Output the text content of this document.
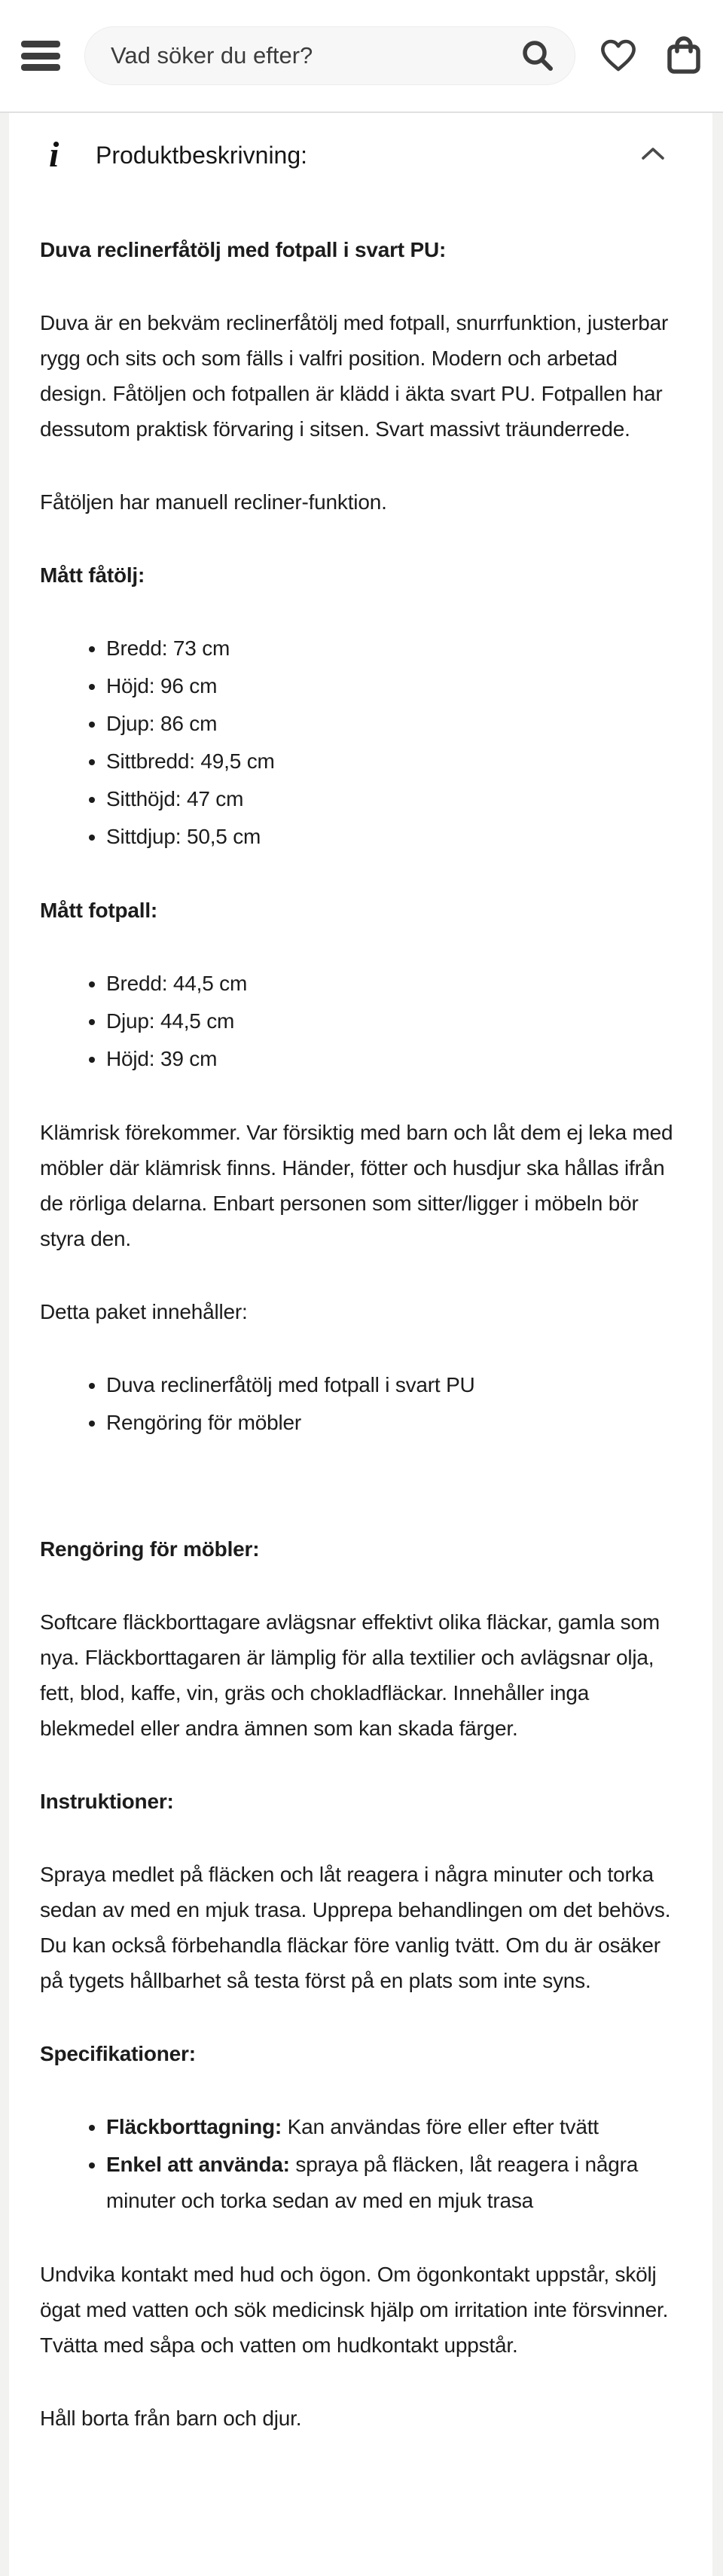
Vad söker du efter?
i	Produktbeskrivning:
Duva reclinerfåtölj med fotpall i svart PU:

Duva är en bekväm reclinerfåtölj med fotpall, snurrfunktion, justerbar rygg och sits och som fälls i valfri position. Modern och arbetad design. Fåtöljen och fotpallen är klädd i äkta svart PU. Fotpallen har dessutom praktisk förvaring i sitsen. Svart massivt träunderrede.

Fåtöljen har manuell recliner-funktion.

Mått fåtölj:
• Bredd: 73 cm
• Höjd: 96 cm
• Djup: 86 cm
• Sittbredd: 49,5 cm
• Sitthöjd: 47 cm
• Sittdjup: 50,5 cm
Mått fotpall:
• Bredd: 44,5 cm
• Djup: 44,5 cm
• Höjd: 39 cm

Klämrisk förekommer. Var försiktig med barn och låt dem ej leka med möbler där klämrisk finns. Händer, fötter och husdjur ska hållas ifrån de rörliga delarna. Enbart personen som sitter/ligger i möbeln bör styra den.

Detta paket innehåller:

• Duva reclinerfåtölj med fotpall i svart PU
• Rengöring för möbler
Rengöring för möbler:

Softcare fläckborttagare avlägsnar effektivt olika fläckar, gamla som nya. Fläckborttagaren är lämplig för alla textilier och avlägsnar olja, fett, blod, kaffe, vin, gräs och chokladfläckar. Innehåller inga blekmedel eller andra ämnen som kan skada färger.

Instruktioner:

Spraya medlet på fläcken och låt reagera i några minuter och torka sedan av med en mjuk trasa. Upprepa behandlingen om det behövs. Du kan också förbehandla fläckar före vanlig tvätt. Om du är osäker på tygets hållbarhet så testa först på en plats som inte syns.

Specifikationer:
• Fläckborttagning: Kan användas före eller efter tvätt
• Enkel att använda: spraya på fläcken, låt reagera i några minuter och torka sedan av med en mjuk trasa

Undvika kontakt med hud och ögon. Om ögonkontakt uppstår, skölj ögat med vatten och sök medicinsk hjälp om irritation inte försvinner. Tvätta med såpa och vatten om hudkontakt uppstår.

Håll borta från barn och djur.
